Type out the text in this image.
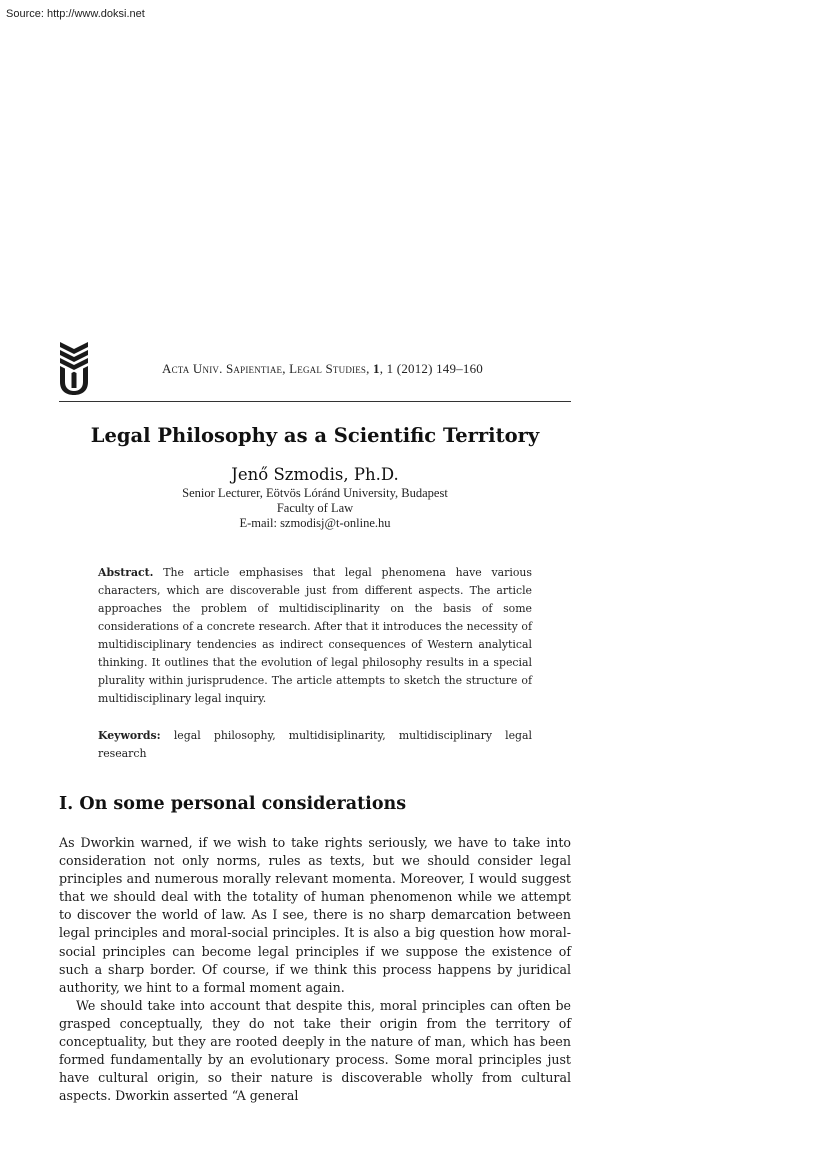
Source: http://www.doksi.net
Acta Univ. Sapientiae, Legal Studies, 1, 1 (2012) 149–160
Legal Philosophy as a Scientific Territory
Jenő Szmodis, Ph.D.
Senior Lecturer, Eötvös Lóránd University, Budapest
Faculty of Law
E-mail: szmodisj@t-online.hu
Abstract. The article emphasises that legal phenomena have various characters, which are discoverable just from different aspects. The article approaches the problem of multidisciplinarity on the basis of some considerations of a concrete research. After that it introduces the necessity of multidisciplinary tendencies as indirect consequences of Western analytical thinking. It outlines that the evolution of legal philosophy results in a special plurality within jurisprudence. The article attempts to sketch the structure of multidisciplinary legal inquiry.
Keywords: legal philosophy, multidisiplinarity, multidisciplinary legal research
I. On some personal considerations

As Dworkin warned, if we wish to take rights seriously, we have to take into consideration not only norms, rules as texts, but we should consider legal principles and numerous morally relevant momenta. Moreover, I would suggest that we should deal with the totality of human phenomenon while we attempt to discover the world of law. As I see, there is no sharp demarcation between legal principles and moral-social principles. It is also a big question how moral-social principles can become legal principles if we suppose the existence of such a sharp border. Of course, if we think this process happens by juridical authority, we hint to a formal moment again.

We should take into account that despite this, moral principles can often be grasped conceptually, they do not take their origin from the territory of conceptuality, but they are rooted deeply in the nature of man, which has been formed fundamentally by an evolutionary process. Some moral principles just have cultural origin, so their nature is discoverable wholly from cultural aspects. Dworkin asserted “A general
